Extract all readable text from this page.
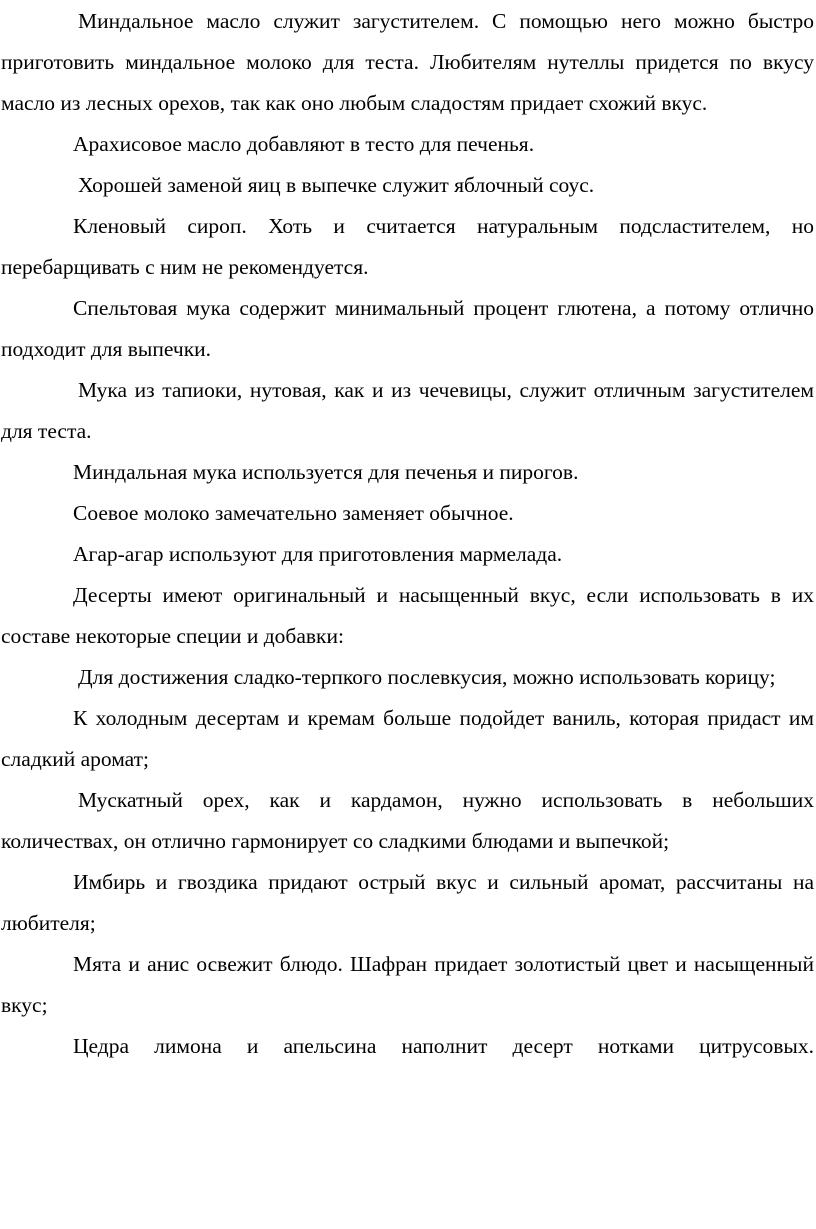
Миндальное масло служит загустителем. С помощью него можно быстро приготовить миндальное молоко для теста. Любителям нутеллы придется по вкусу масло из лесных орехов, так как оно любым сладостям придает схожий вкус.

Арахисовое масло добавляют в тесто для печенья.

Хорошей заменой яиц в выпечке служит яблочный соус.

Кленовый сироп. Хоть и считается натуральным подсластителем, но перебарщивать с ним не рекомендуется.

Спельтовая мука содержит минимальный процент глютена, а потому отлично подходит для выпечки.

Мука из тапиоки, нутовая, как и из чечевицы, служит отличным загустителем для теста.

Миндальная мука используется для печенья и пирогов.

Соевое молоко замечательно заменяет обычное.

Агар-агар используют для приготовления мармелада.

Десерты имеют оригинальный и насыщенный вкус, если использовать в их составе некоторые специи и добавки:

Для достижения сладко-терпкого послевкусия, можно использовать корицу;

К холодным десертам и кремам больше подойдет ваниль, которая придаст им сладкий аромат;

Мускатный орех, как и кардамон, нужно использовать в небольших количествах, он отлично гармонирует со сладкими блюдами и выпечкой;

Имбирь и гвоздика придают острый вкус и сильный аромат, рассчитаны на любителя;

Мята и анис освежит блюдо. Шафран придает золотистый цвет и насыщенный вкус;

Цедра лимона и апельсина наполнит десерт нотками цитрусовых.
